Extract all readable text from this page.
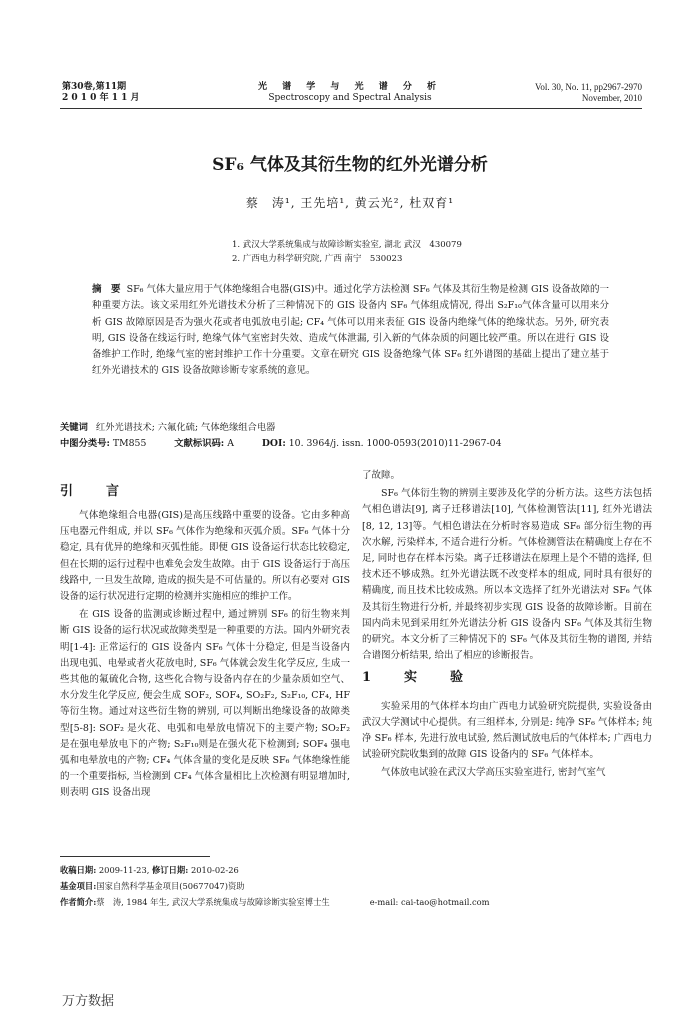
第30卷,第11期
2 0 1 0 年 1 1 月
光 谱 学 与 光 谱 分 析
Spectroscopy and Spectral Analysis
Vol. 30, No. 11, pp2967-2970
November, 2010
SF₆ 气体及其衍生物的红外光谱分析
蔡　涛¹, 王先培¹, 黄云光², 杜双育¹
1. 武汉大学系统集成与故障诊断实验室, 湖北 武汉　430079
2. 广西电力科学研究院, 广西 南宁　530023
摘　要 SF₆ 气体大量应用于气体绝缘组合电器(GIS)中。通过化学方法检测 SF₆ 气体及其衍生物是检测 GIS 设备故障的一种重要方法。该文采用红外光谱技术分析了三种情况下的 GIS 设备内 SF₆ 气体组成情况, 得出 S₂F₁₀气体含量可以用来分析 GIS 故障原因是否为强火花或者电弧放电引起; CF₄ 气体可以用来表征 GIS 设备内绝缘气体的绝缘状态。另外, 研究表明, GIS 设备在线运行时, 绝缘气体气室密封失效、造成气体泄漏, 引入新的气体杂质的问题比较严重。所以在进行 GIS 设备维护工作时, 绝缘气室的密封维护工作十分重要。文章在研究 GIS 设备绝缘气体 SF₆ 红外谱图的基础上提出了建立基于红外光谱技术的 GIS 设备故障诊断专家系统的意见。
关键词 红外光谱技术; 六氟化硫; 气体绝缘组合电器
中图分类号: TM855	文献标识码: A	DOI: 10. 3964/j. issn. 1000-0593(2010)11-2967-04
引　言

气体绝缘组合电器(GIS)是高压线路中重要的设备。它由多种高压电器元件组成, 并以 SF₆ 气体作为绝缘和灭弧介质。SF₆ 气体十分稳定, 具有优异的绝缘和灭弧性能。即便 GIS 设备运行状态比较稳定, 但在长期的运行过程中也难免会发生故障。由于 GIS 设备运行于高压线路中, 一旦发生故障, 造成的损失是不可估量的。所以有必要对 GIS 设备的运行状况进行定期的检测并实施相应的维护工作。

在 GIS 设备的监测或诊断过程中, 通过辨别 SF₆ 的衍生物来判断 GIS 设备的运行状况或故障类型是一种重要的方法。国内外研究表明[1-4]: 正常运行的 GIS 设备内 SF₆ 气体十分稳定, 但是当设备内出现电弧、电晕或者火花放电时, SF₆ 气体就会发生化学反应, 生成一些其他的氟硫化合物, 这些化合物与设备内存在的少量杂质如空气、水分发生化学反应, 便会生成 SOF₂, SOF₄, SO₂F₂, S₂F₁₀, CF₄, HF 等衍生物。通过对这些衍生物的辨别, 可以判断出绝缘设备的故障类型[5-8]: SOF₂ 是火花、电弧和电晕放电情况下的主要产物; SO₂F₂ 是在强电晕放电下的产物; S₂F₁₀则是在强火花下检测到; SOF₄ 强电弧和电晕放电的产物; CF₄ 气体含量的变化是反映 SF₆ 气体绝缘性能的一个重要指标, 当检测到 CF₄ 气体含量相比上次检测有明显增加时, 则表明 GIS 设备出现

了故障。

SF₆ 气体衍生物的辨别主要涉及化学的分析方法。这些方法包括气相色谱法[9], 离子迁移谱法[10], 气体检测管法[11], 红外光谱法[8, 12, 13]等。气相色谱法在分析时容易造成 SF₆ 部分衍生物的再次水解, 污染样本, 不适合进行分析。气体检测管法在精确度上存在不足, 同时也存在样本污染。离子迁移谱法在原理上是个不错的选择, 但技术还不够成熟。红外光谱法既不改变样本的组成, 同时具有很好的精确度, 而且技术比较成熟。所以本文选择了红外光谱法对 SF₆ 气体及其衍生物进行分析, 并最终初步实现 GIS 设备的故障诊断。目前在国内尚未见到采用红外光谱法分析 GIS 设备内 SF₆ 气体及其衍生物的研究。本文分析了三种情况下的 SF₆ 气体及其衍生物的谱图, 并结合谱图分析结果, 给出了相应的诊断报告。

1　实　验

实验采用的气体样本均由广西电力试验研究院提供, 实验设备由武汉大学测试中心提供。有三组样本, 分别是: 纯净 SF₆ 气体样本; 纯净 SF₆ 样本, 先进行放电试验, 然后测试放电后的气体样本; 广西电力试验研究院收集到的故障 GIS 设备内的 SF₆ 气体样本。

气体放电试验在武汉大学高压实验室进行, 密封气室气

收稿日期: 2009-11-23, 修订日期: 2010-02-26
基金项目:国家自然科学基金项目(50677047)资助
作者简介:蔡　涛, 1984 年生, 武汉大学系统集成与故障诊断实验室博士生	e-mail: cai-tao@hotmail.com
万方数据
